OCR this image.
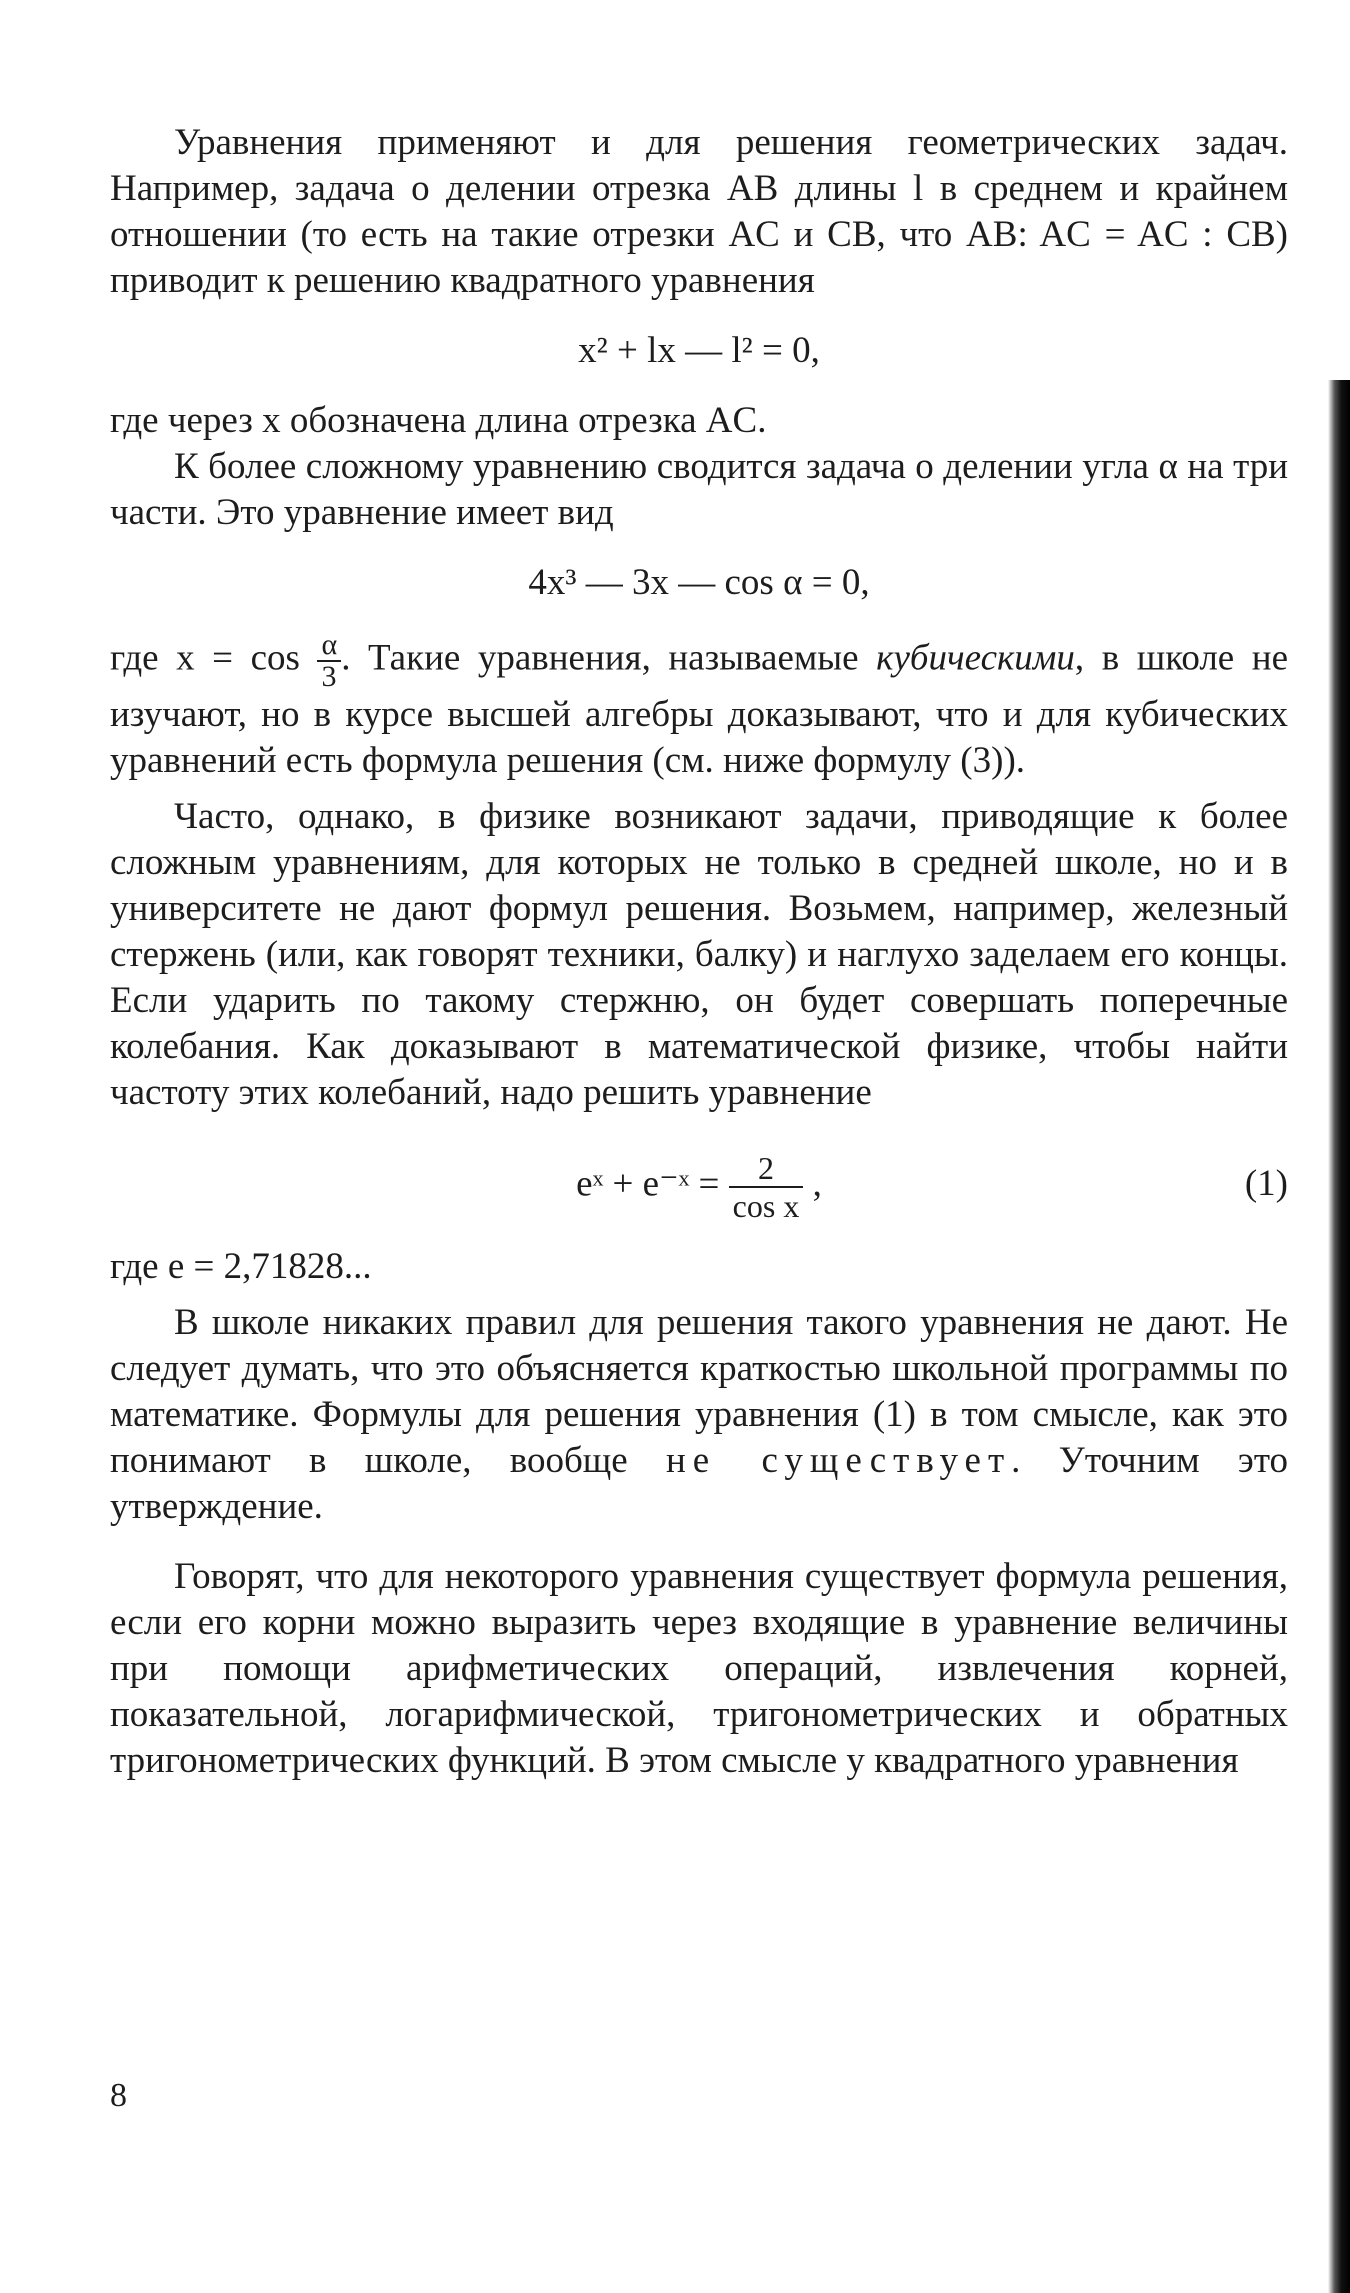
Уравнения применяют и для решения геометрических задач. Например, задача о делении отрезка AB длины l в среднем и крайнем отношении (то есть на такие отрезки AC и CB, что AB: AC = AC : CB) приводит к решению квадратного уравнения

x² + lx — l² = 0,

где через x обозначена длина отрезка AC.

К более сложному уравнению сводится задача о делении угла α на три части. Это уравнение имеет вид

4x³ — 3x — cos α = 0,

где $x = \cos \frac{\alpha}{3}$ . Такие уравнения, называемые кубическими, в школе не изучают, но в курсе высшей алгебры доказывают, что и для кубических уравнений есть формула решения (см. ниже формулу (3)).

Часто, однако, в физике возникают задачи, приводящие к более сложным уравнениям, для которых не только в средней школе, но и в университете не дают формул решения. Возьмем, например, железный стержень (или, как говорят техники, балку) и наглухо заделаем его концы. Если ударить по такому стержню, он будет совершать поперечные колебания. Как доказывают в математической физике, чтобы найти частоту этих колебаний, надо решить уравнение

eˣ + e⁻ˣ = $\frac{2}{\text{cos x}}$ ,	(1)

где e = 2,71828...

В школе никаких правил для решения такого уравнения не дают. Не следует думать, что это объясняется краткостью школьной программы по математике. Формулы для решения уравнения (1) в том смысле, как это понимают в школе, вообще не существует. Уточним это утверждение.

Говорят, что для некоторого уравнения существует формула решения, если его корни можно выразить через входящие в уравнение величины при помощи арифметических операций, извлечения корней, показательной, логарифмической, тригонометрических и обратных тригонометрических функций. В этом смысле у квадратного уравнения

8
